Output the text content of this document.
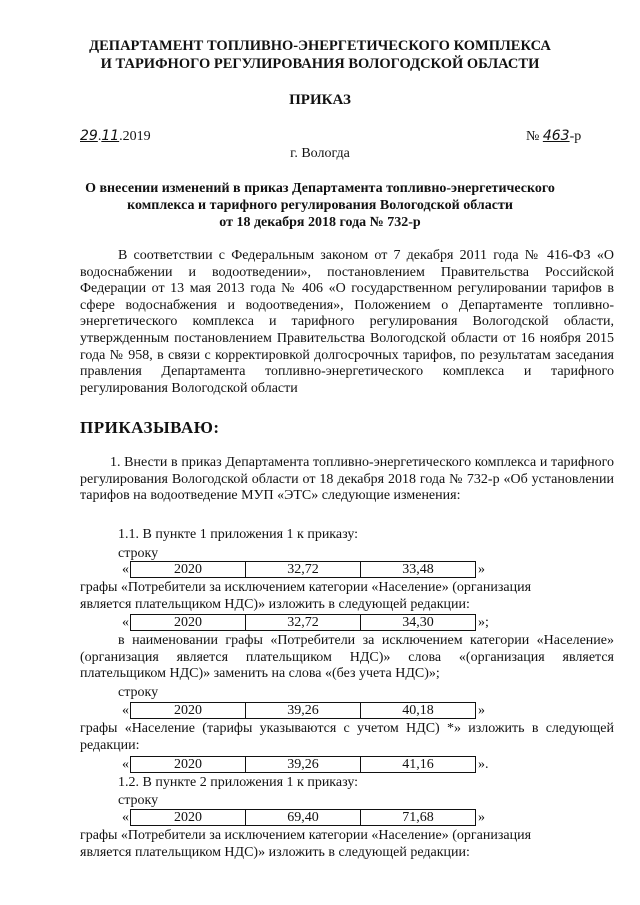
ДЕПАРТАМЕНТ ТОПЛИВНО-ЭНЕРГЕТИЧЕСКОГО КОМПЛЕКСА
И ТАРИФНОГО РЕГУЛИРОВАНИЯ ВОЛОГОДСКОЙ ОБЛАСТИ
ПРИКАЗ
29.11.2019	№ 463-р
г. Вологда
О внесении изменений в приказ Департамента топливно-энергетического
комплекса и тарифного регулирования Вологодской области
от 18 декабря 2018 года № 732-р
В соответствии с Федеральным законом от 7 декабря 2011 года № 416-ФЗ «О водоснабжении и водоотведении», постановлением Правительства Российской Федерации от 13 мая 2013 года № 406 «О государственном регулировании тарифов в сфере водоснабжения и водоотведения», Положением о Департаменте топливно-энергетического комплекса и тарифного регулирования Вологодской области, утвержденным постановлением Правительства Вологодской области от 16 ноября 2015 года № 958, в связи с корректировкой долгосрочных тарифов, по результатам заседания правления Департамента топливно-энергетического комплекса и тарифного регулирования Вологодской области
ПРИКАЗЫВАЮ:
1. Внести в приказ Департамента топливно-энергетического комплекса и тарифного регулирования Вологодской области от 18 декабря 2018 года № 732-р «Об установлении тарифов на водоотведение МУП «ЭТС» следующие изменения:
1.1. В пункте 1 приложения 1 к приказу:
строку
«	2020	32,72	33,48	»
графы «Потребители за исключением категории «Население» (организация
является плательщиком НДС)» изложить в следующей редакции:
«	2020	32,72	34,30	»;
в наименовании графы «Потребители за исключением категории «Население» (организация является плательщиком НДС)» слова «(организация является плательщиком НДС)» заменить на слова «(без учета НДС)»;
строку
«	2020	39,26	40,18	»
графы «Население (тарифы указываются с учетом НДС) *» изложить в следующей редакции:
«	2020	39,26	41,16	».
1.2. В пункте 2 приложения 1 к приказу:
строку
«	2020	69,40	71,68	»
графы «Потребители за исключением категории «Население» (организация
является плательщиком НДС)» изложить в следующей редакции:
